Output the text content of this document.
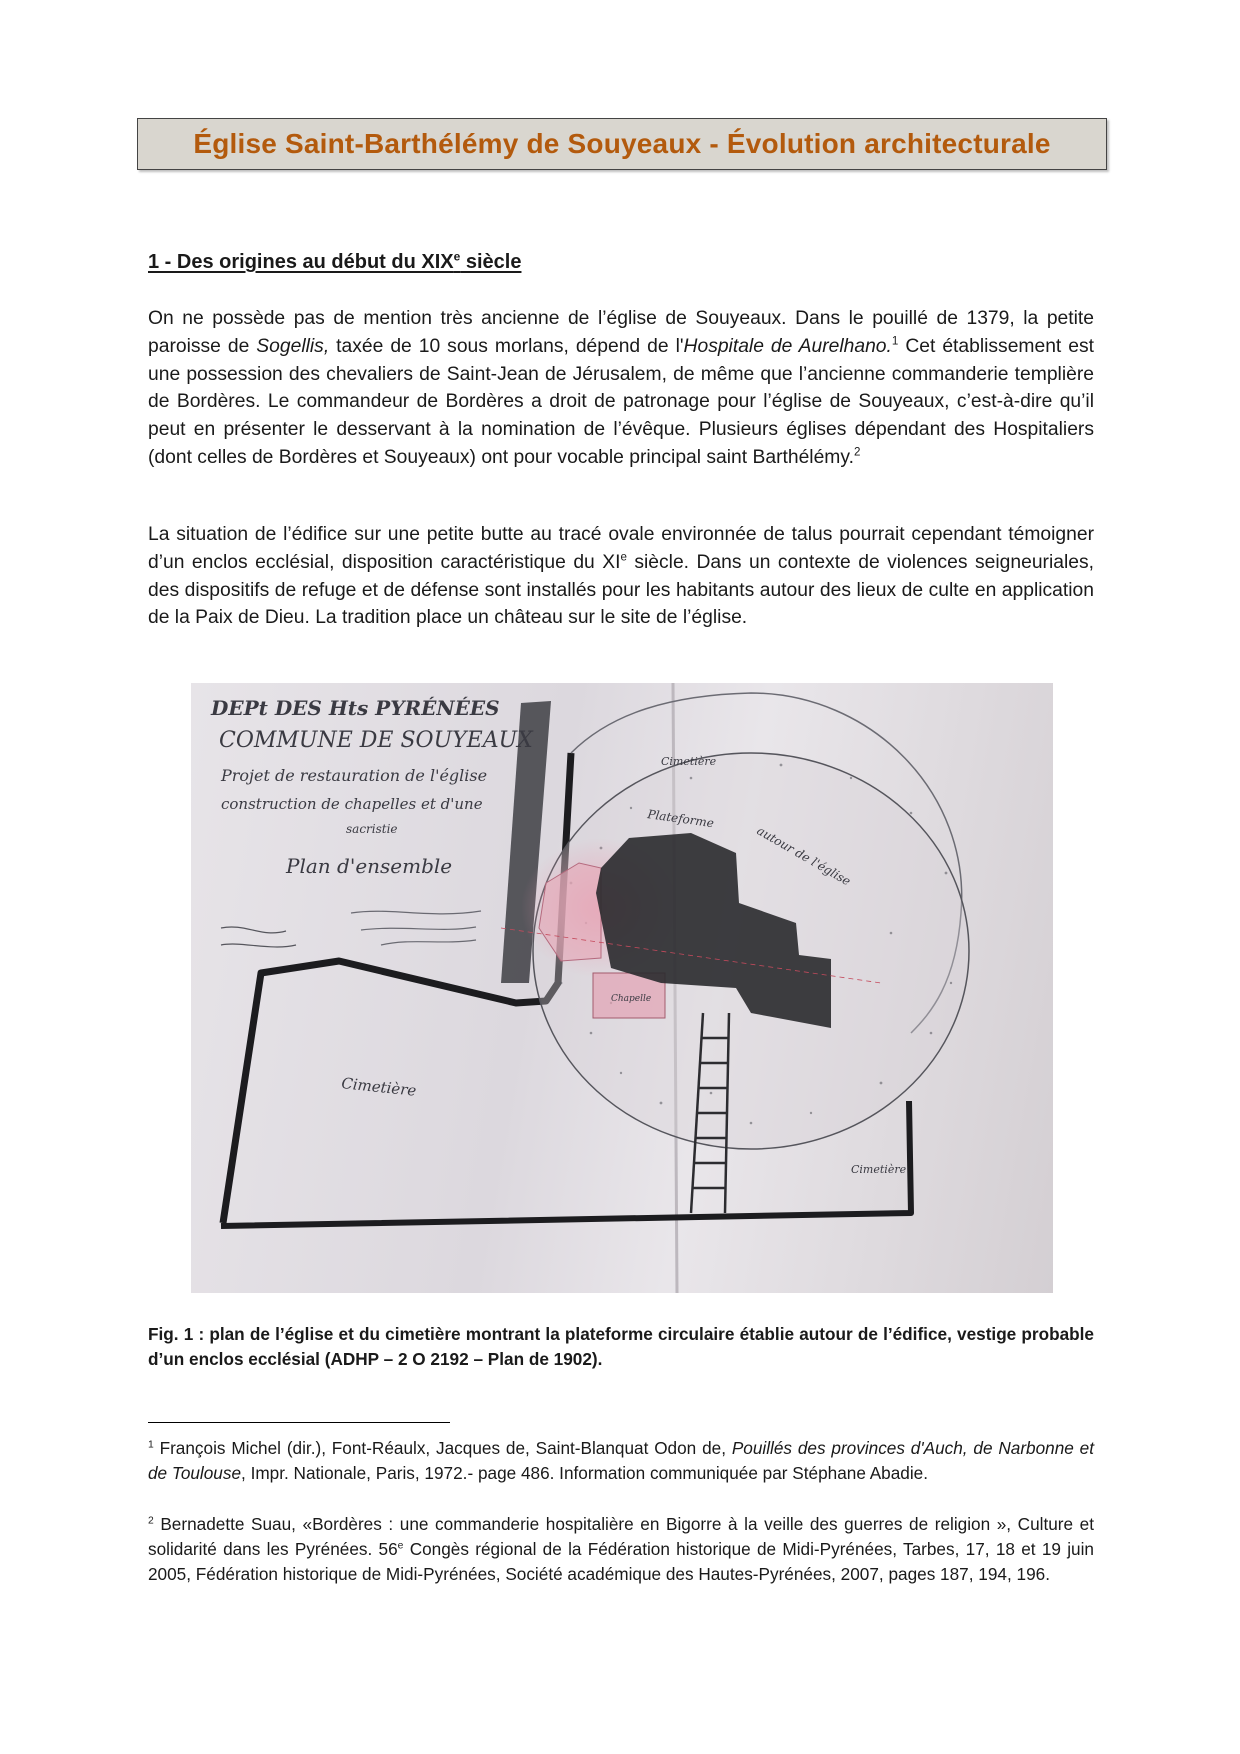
Église Saint-Barthélémy de Souyeaux - Évolution architecturale
1 - Des origines au début du XIXe siècle

On ne possède pas de mention très ancienne de l’église de Souyeaux. Dans le pouillé de 1379, la petite paroisse de Sogellis, taxée de 10 sous morlans, dépend de l'Hospitale de Aurelhano.$^1$ Cet établissement est une possession des chevaliers de Saint-Jean de Jérusalem, de même que l’ancienne commanderie templière de Bordères. Le commandeur de Bordères a droit de patronage pour l’église de Souyeaux, c’est-à-dire qu’il peut en présenter le desservant à la nomination de l’évêque. Plusieurs églises dépendant des Hospitaliers (dont celles de Bordères et Souyeaux) ont pour vocable principal saint Barthélémy.$^2$

La situation de l’édifice sur une petite butte au tracé ovale environnée de talus pourrait cependant témoigner d’un enclos ecclésial, disposition caractéristique du XIe siècle. Dans un contexte de violences seigneuriales, des dispositifs de refuge et de défense sont installés pour les habitants autour des lieux de culte en application de la Paix de Dieu. La tradition place un château sur le site de l’église.

DEPt DES Hts PYRÉNÉES
COMMUNE DE SOUYEAUX
Projet de restauration de l'église
construction de chapelles et d'une
sacristie
Plan d'ensemble
Cimetière
Cimetière
Cimetière
Plateforme
autour de l'église
Chapelle

Fig. 1 : plan de l’église et du cimetière montrant la plateforme circulaire établie autour de l’édifice, vestige probable d’un enclos ecclésial (ADHP – 2 O 2192 – Plan de 1902).

$^1$ François Michel (dir.), Font-Réaulx, Jacques de, Saint-Blanquat Odon de, Pouillés des provinces d'Auch, de Narbonne et de Toulouse, Impr. Nationale, Paris, 1972.- page 486. Information communiquée par Stéphane Abadie.

$^2$ Bernadette Suau, «Bordères : une commanderie hospitalière en Bigorre à la veille des guerres de religion », Culture et solidarité dans les Pyrénées. 56e Congès régional de la Fédération historique de Midi-Pyrénées, Tarbes, 17, 18 et 19 juin 2005, Fédération historique de Midi-Pyrénées, Société académique des Hautes-Pyrénées, 2007, pages 187, 194, 196.
